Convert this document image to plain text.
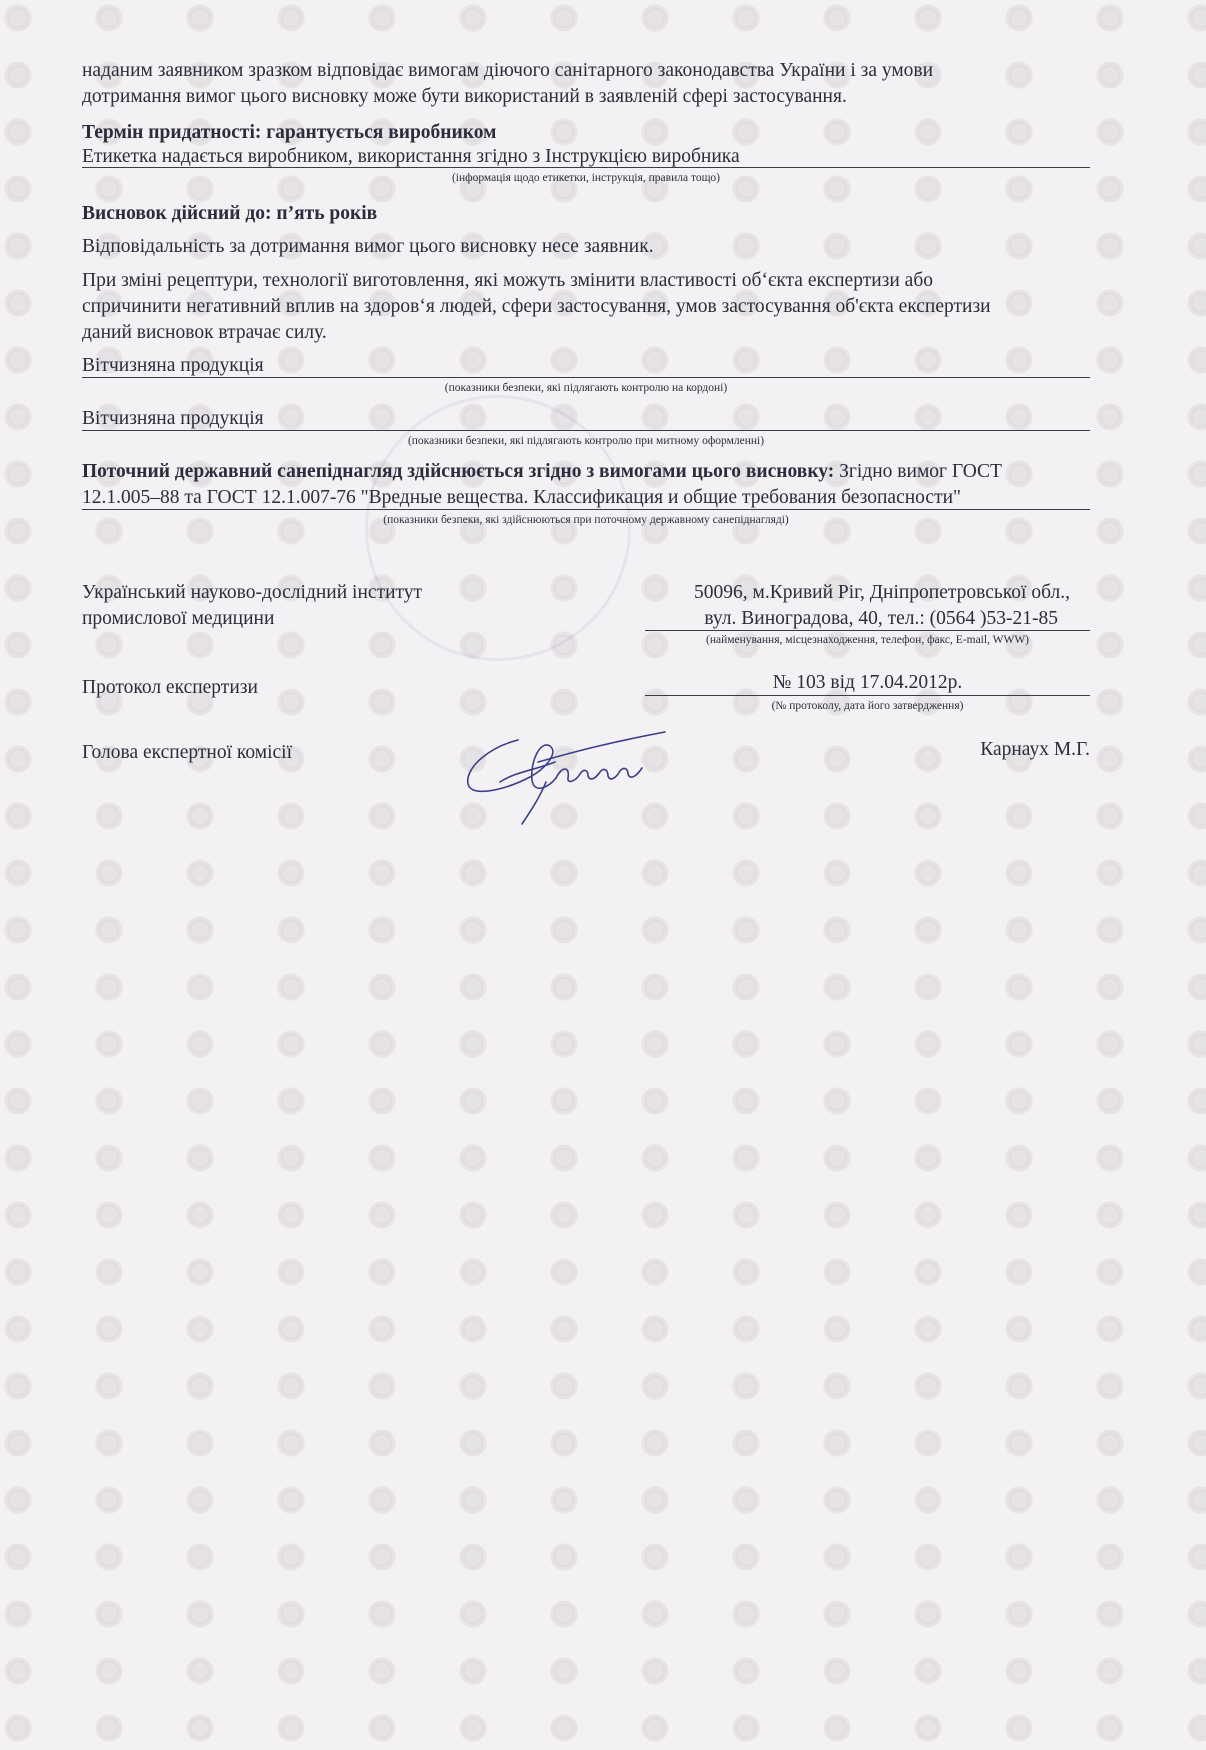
наданим заявником зразком відповідає вимогам діючого санітарного законодавства України і за умови
дотримання вимог цього висновку може бути використаний в заявленій сфері застосування.
Термін придатності: гарантується виробником
Етикетка надається виробником, використання згідно з Інструкцією виробника
(інформація щодо етикетки, інструкція, правила тощо)
Висновок дійсний до: п’ять років
Відповідальність за дотримання вимог цього висновку несе заявник.
При зміні рецептури, технології виготовлення, які можуть змінити властивості об‘єкта експертизи або
спричинити негативний вплив на здоров‘я людей, сфери застосування, умов застосування об'єкта експертизи
даний висновок втрачає силу.
Вітчизняна продукція
(показники безпеки, які підлягають контролю на кордоні)
Вітчизняна продукція
(показники безпеки, які підлягають контролю при митному оформленні)
Поточний державний санепіднагляд здійснюється згідно з вимогами цього висновку: Згідно вимог ГОСТ
12.1.005–88 та ГОСТ 12.1.007-76 "Вредные вещества. Классификация и общие требования безопасности"
(показники безпеки, які здійснюються при поточному державному санепіднагляді)
Український науково-дослідний інститут
промислової медицини
50096, м.Кривий Ріг, Дніпропетровської обл.,
вул. Виноградова, 40, тел.: (0564 )53-21-85
(найменування, місцезнаходження, телефон, факс, E-mail, WWW)
Протокол експертизи	№ 103 від 17.04.2012р.
(№ протоколу, дата його затвердження)
Голова експертної комісії	Карнаух М.Г.
